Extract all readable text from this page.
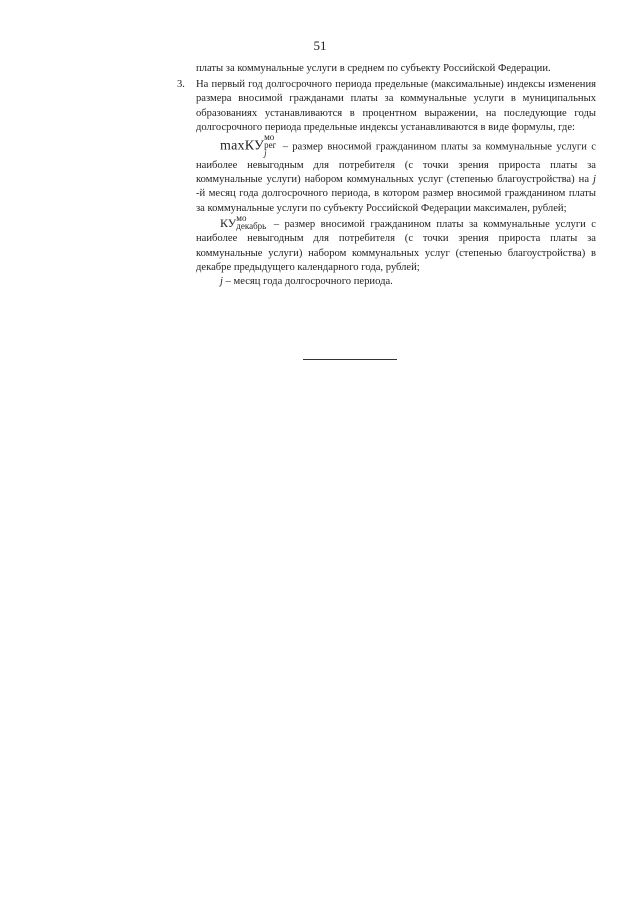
51

платы за коммунальные услуги в среднем по субъекту Российской Федерации.

3. На первый год долгосрочного периода предельные (максимальные) индексы изменения размера вносимой гражданами платы за коммунальные услуги в муниципальных образованиях устанавливаются в процентном выражении, на последующие годы долгосрочного периода предельные индексы устанавливаются в виде формулы, где:

maxКУ
мо
рег
j
– размер вносимой гражданином платы за коммунальные услуги с наиболее невыгодным для потребителя (с точки зрения прироста платы за коммунальные услуги) набором коммунальных услуг (степенью благоустройства) на j -й месяц года долгосрочного периода, в котором размер вносимой гражданином платы за коммунальные услуги по субъекту Российской Федерации максимален, рублей;

КУ мо
декабрь – размер вносимой гражданином платы за коммунальные услуги с наиболее невыгодным для потребителя (с точки зрения прироста платы за коммунальные услуги) набором коммунальных услуг (степенью благоустройства) в декабре предыдущего календарного года, рублей;

j – месяц года долгосрочного периода.
